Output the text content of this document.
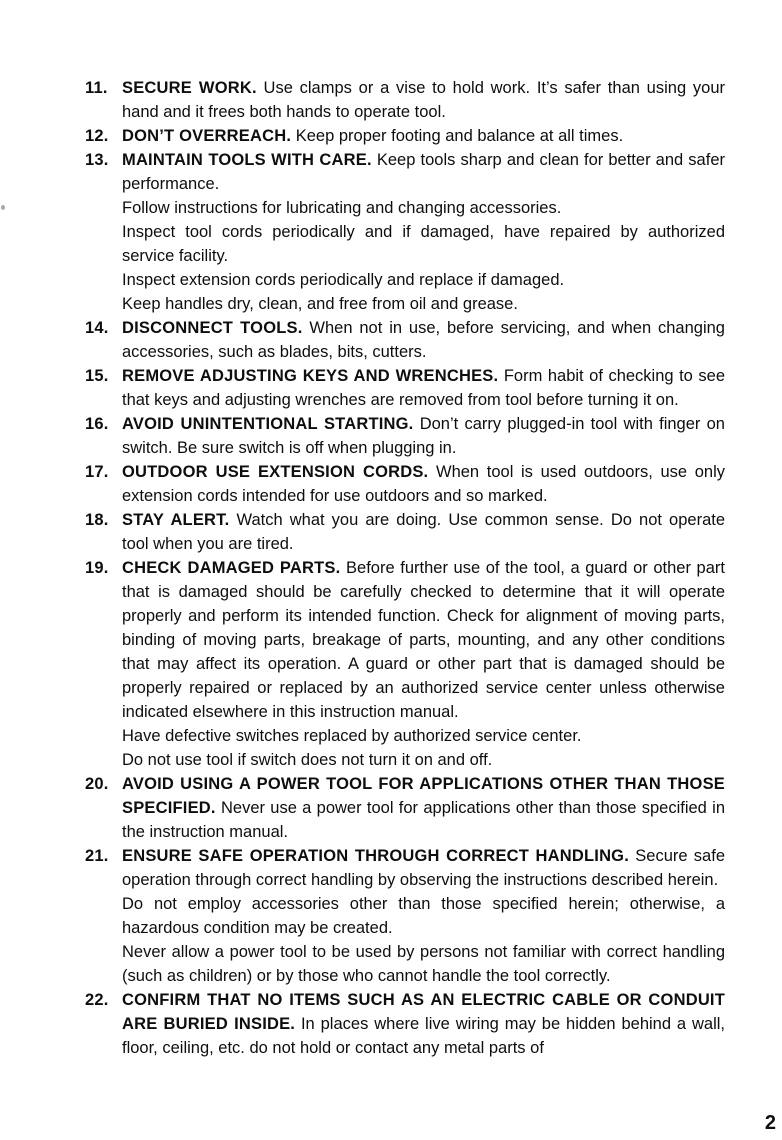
11. SECURE WORK. Use clamps or a vise to hold work. It’s safer than using your hand and it frees both hands to operate tool.

12. DON’T OVERREACH. Keep proper footing and balance at all times.

13. MAINTAIN TOOLS WITH CARE. Keep tools sharp and clean for better and safer performance.

Follow instructions for lubricating and changing accessories.

Inspect tool cords periodically and if damaged, have repaired by authorized service facility.

Inspect extension cords periodically and replace if damaged.

Keep handles dry, clean, and free from oil and grease.

14. DISCONNECT TOOLS. When not in use, before servicing, and when changing accessories, such as blades, bits, cutters.

15. REMOVE ADJUSTING KEYS AND WRENCHES. Form habit of checking to see that keys and adjusting wrenches are removed from tool before turning it on.

16. AVOID UNINTENTIONAL STARTING. Don’t carry plugged-in tool with finger on switch. Be sure switch is off when plugging in.

17. OUTDOOR USE EXTENSION CORDS. When tool is used outdoors, use only extension cords intended for use outdoors and so marked.

18. STAY ALERT. Watch what you are doing. Use common sense. Do not operate tool when you are tired.

19. CHECK DAMAGED PARTS. Before further use of the tool, a guard or other part that is damaged should be carefully checked to determine that it will operate properly and perform its intended function. Check for alignment of moving parts, binding of moving parts, breakage of parts, mounting, and any other conditions that may affect its operation. A guard or other part that is damaged should be properly repaired or replaced by an authorized service center unless otherwise indicated elsewhere in this instruction manual.

Have defective switches replaced by authorized service center.

Do not use tool if switch does not turn it on and off.

20. AVOID USING A POWER TOOL FOR APPLICATIONS OTHER THAN THOSE SPECIFIED. Never use a power tool for applications other than those specified in the instruction manual.

21. ENSURE SAFE OPERATION THROUGH CORRECT HANDLING. Secure safe operation through correct handling by observing the instructions described herein.

Do not employ accessories other than those specified herein; otherwise, a hazardous condition may be created.

Never allow a power tool to be used by persons not familiar with correct handling (such as children) or by those who cannot handle the tool correctly.

22. CONFIRM THAT NO ITEMS SUCH AS AN ELECTRIC CABLE OR CONDUIT ARE BURIED INSIDE. In places where live wiring may be hidden behind a wall, floor, ceiling, etc. do not hold or contact any metal parts of

2
